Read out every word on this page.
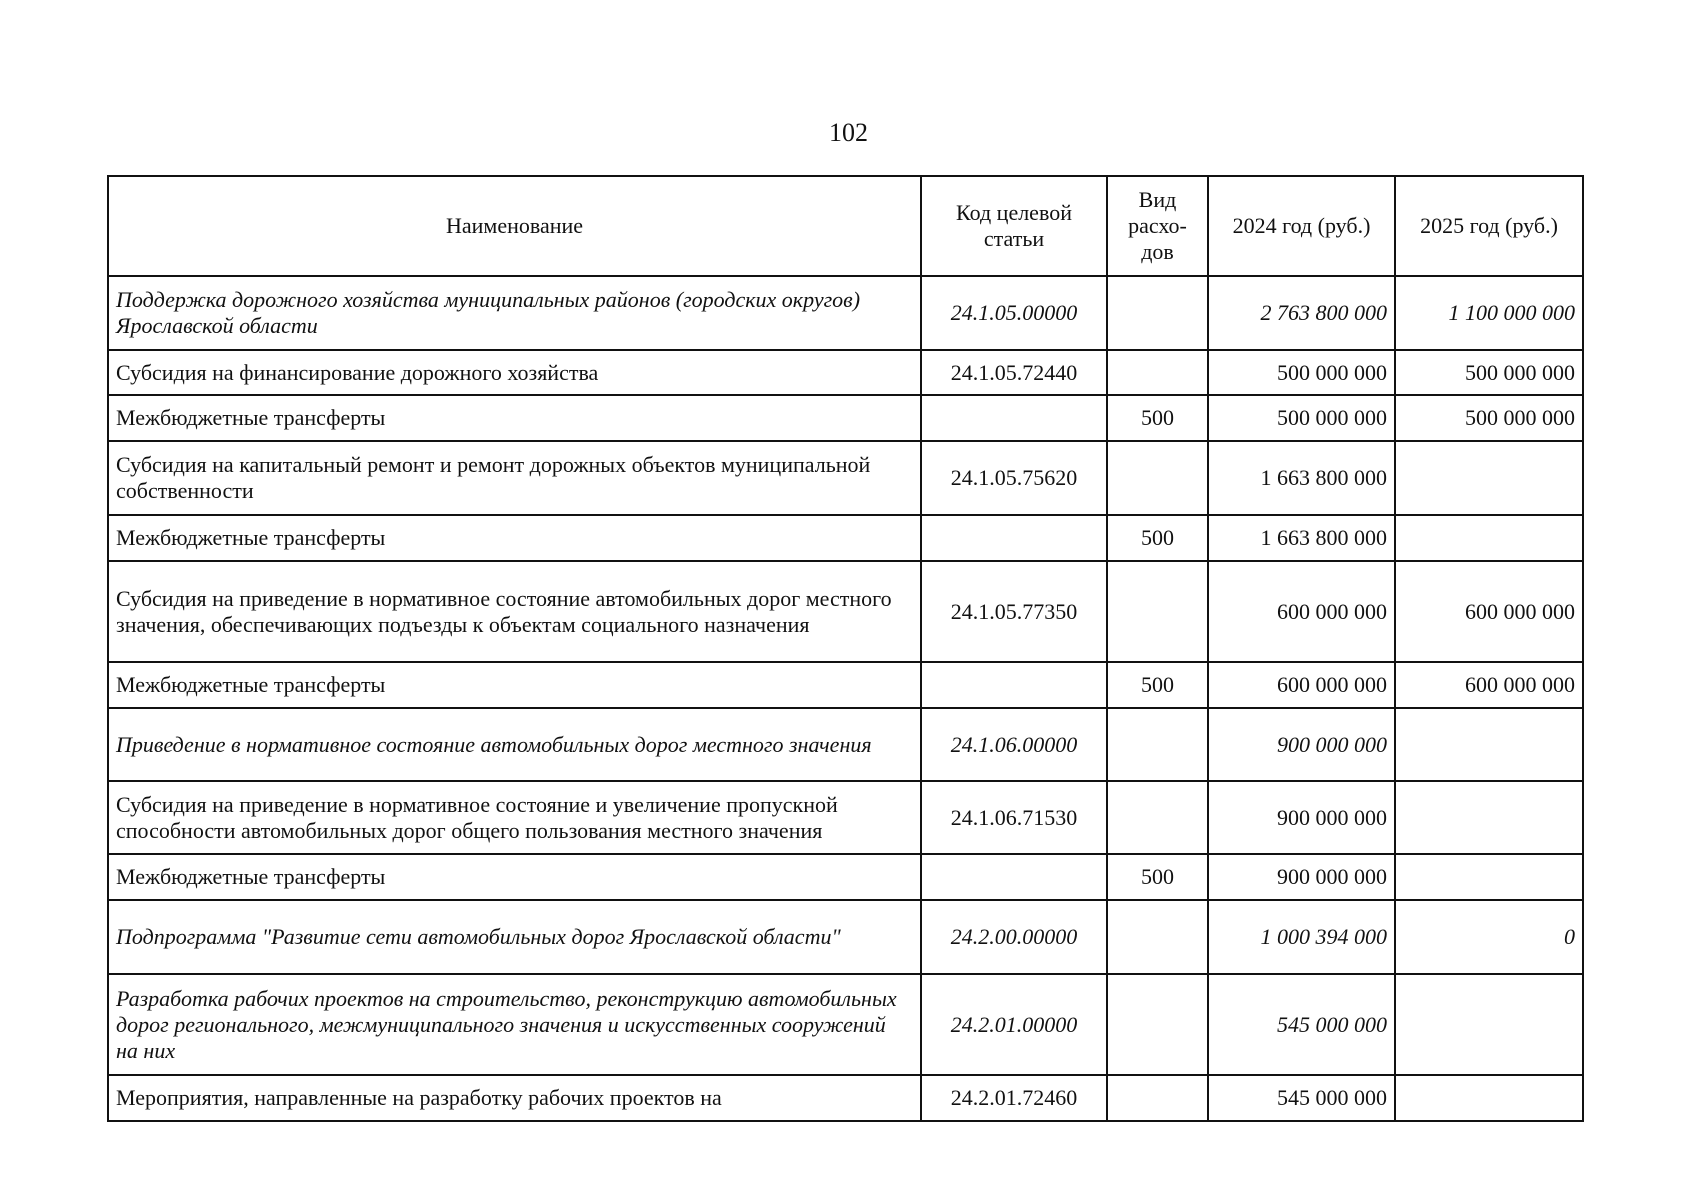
102
Наименование	Код целевой статьи	Вид расхо-дов	2024 год (руб.)	2025 год (руб.)
Поддержка дорожного хозяйства муниципальных районов (городских округов) Ярославской области	24.1.05.00000		2 763 800 000	1 100 000 000
Субсидия на финансирование дорожного хозяйства	24.1.05.72440		500 000 000	500 000 000
Межбюджетные трансферты		500	500 000 000	500 000 000
Субсидия на капитальный ремонт и ремонт дорожных объектов муниципальной собственности	24.1.05.75620		1 663 800 000	
Межбюджетные трансферты		500	1 663 800 000	
Субсидия на приведение в нормативное состояние автомобильных дорог местного значения, обеспечивающих подъезды к объектам социального назначения	24.1.05.77350		600 000 000	600 000 000
Межбюджетные трансферты		500	600 000 000	600 000 000
Приведение в нормативное состояние автомобильных дорог местного значения	24.1.06.00000		900 000 000	
Субсидия на приведение в нормативное состояние и увеличение пропускной способности автомобильных дорог общего пользования местного значения	24.1.06.71530		900 000 000	
Межбюджетные трансферты		500	900 000 000	
Подпрограмма "Развитие сети автомобильных дорог Ярославской области"	24.2.00.00000		1 000 394 000	0
Разработка рабочих проектов на строительство, реконструкцию автомобильных дорог регионального, межмуниципального значения и искусственных сооружений на них	24.2.01.00000		545 000 000	
Мероприятия, направленные на разработку рабочих проектов на	24.2.01.72460		545 000 000	
